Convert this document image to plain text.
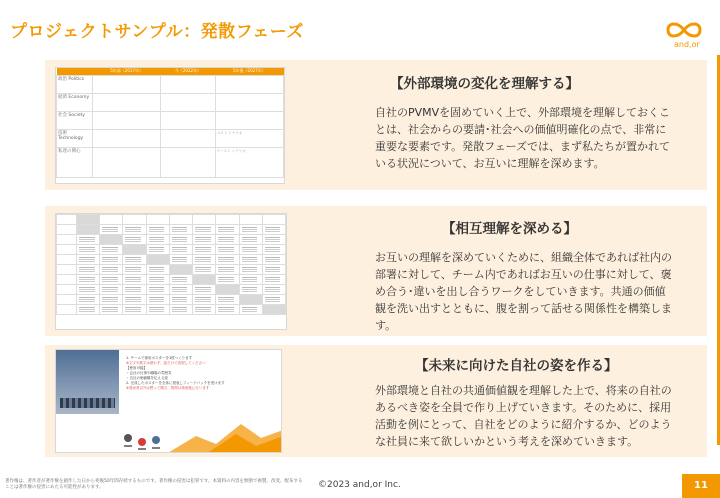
プロジェクトサンプル：発散フェーズ
and,or
	5年前（2017年）	今（2022年）	5年後（2027年）
政治 Politics			
経済 Economy			
社会 Society			
技術 Technology			ベスト シナリオ
私達の関心			ワースト シナリオ
【外部環境の変化を理解する】
自社のPVMVを固めていく上で、外部環境を理解しておくことは、社会からの要請･社会への価値明確化の点で、非常に重要な要素です。発散フェーズでは、まず私たちが置かれている状況について、お互いに理解を深めます。

【相互理解を深める】
お互いの理解を深めていくために、組織全体であれば社内の部署に対して、チーム内であればお互いの仕事に対して、褒め合う･違いを出し合うワークをしていきます。共通の価値観を洗い出すとともに、腹を割って話せる関係性を構築します。
1. チームで採用ポスターを1枚つくります
※文字や数字は使わず、絵だけで表現してください
【使用可能】
・会社の仕事や職場の雰囲気
・自社の価値観を伝える絵
2. 完成したポスターを全体に発表しフィードバックを受けます
※発表者以外は黙って聞き、質問は発表後に行います
【未来に向けた自社の姿を作る】
外部環境と自社の共通価値観を理解した上で、将来の自社のあるべき姿を全員で作り上げていきます。そのために、採用活動を例にとって、自社をどのように紹介するか、どのような社員に来て欲しいかという考えを深めていきます。
著作権は、著作者が著作権を創作した日から死後50年間存続するものです。著作権の侵害は犯罪です。本資料の内容を無断で複製、改変、配布することは著作権の侵害にあたる可能性があります。	©2023 and,or Inc.	11
